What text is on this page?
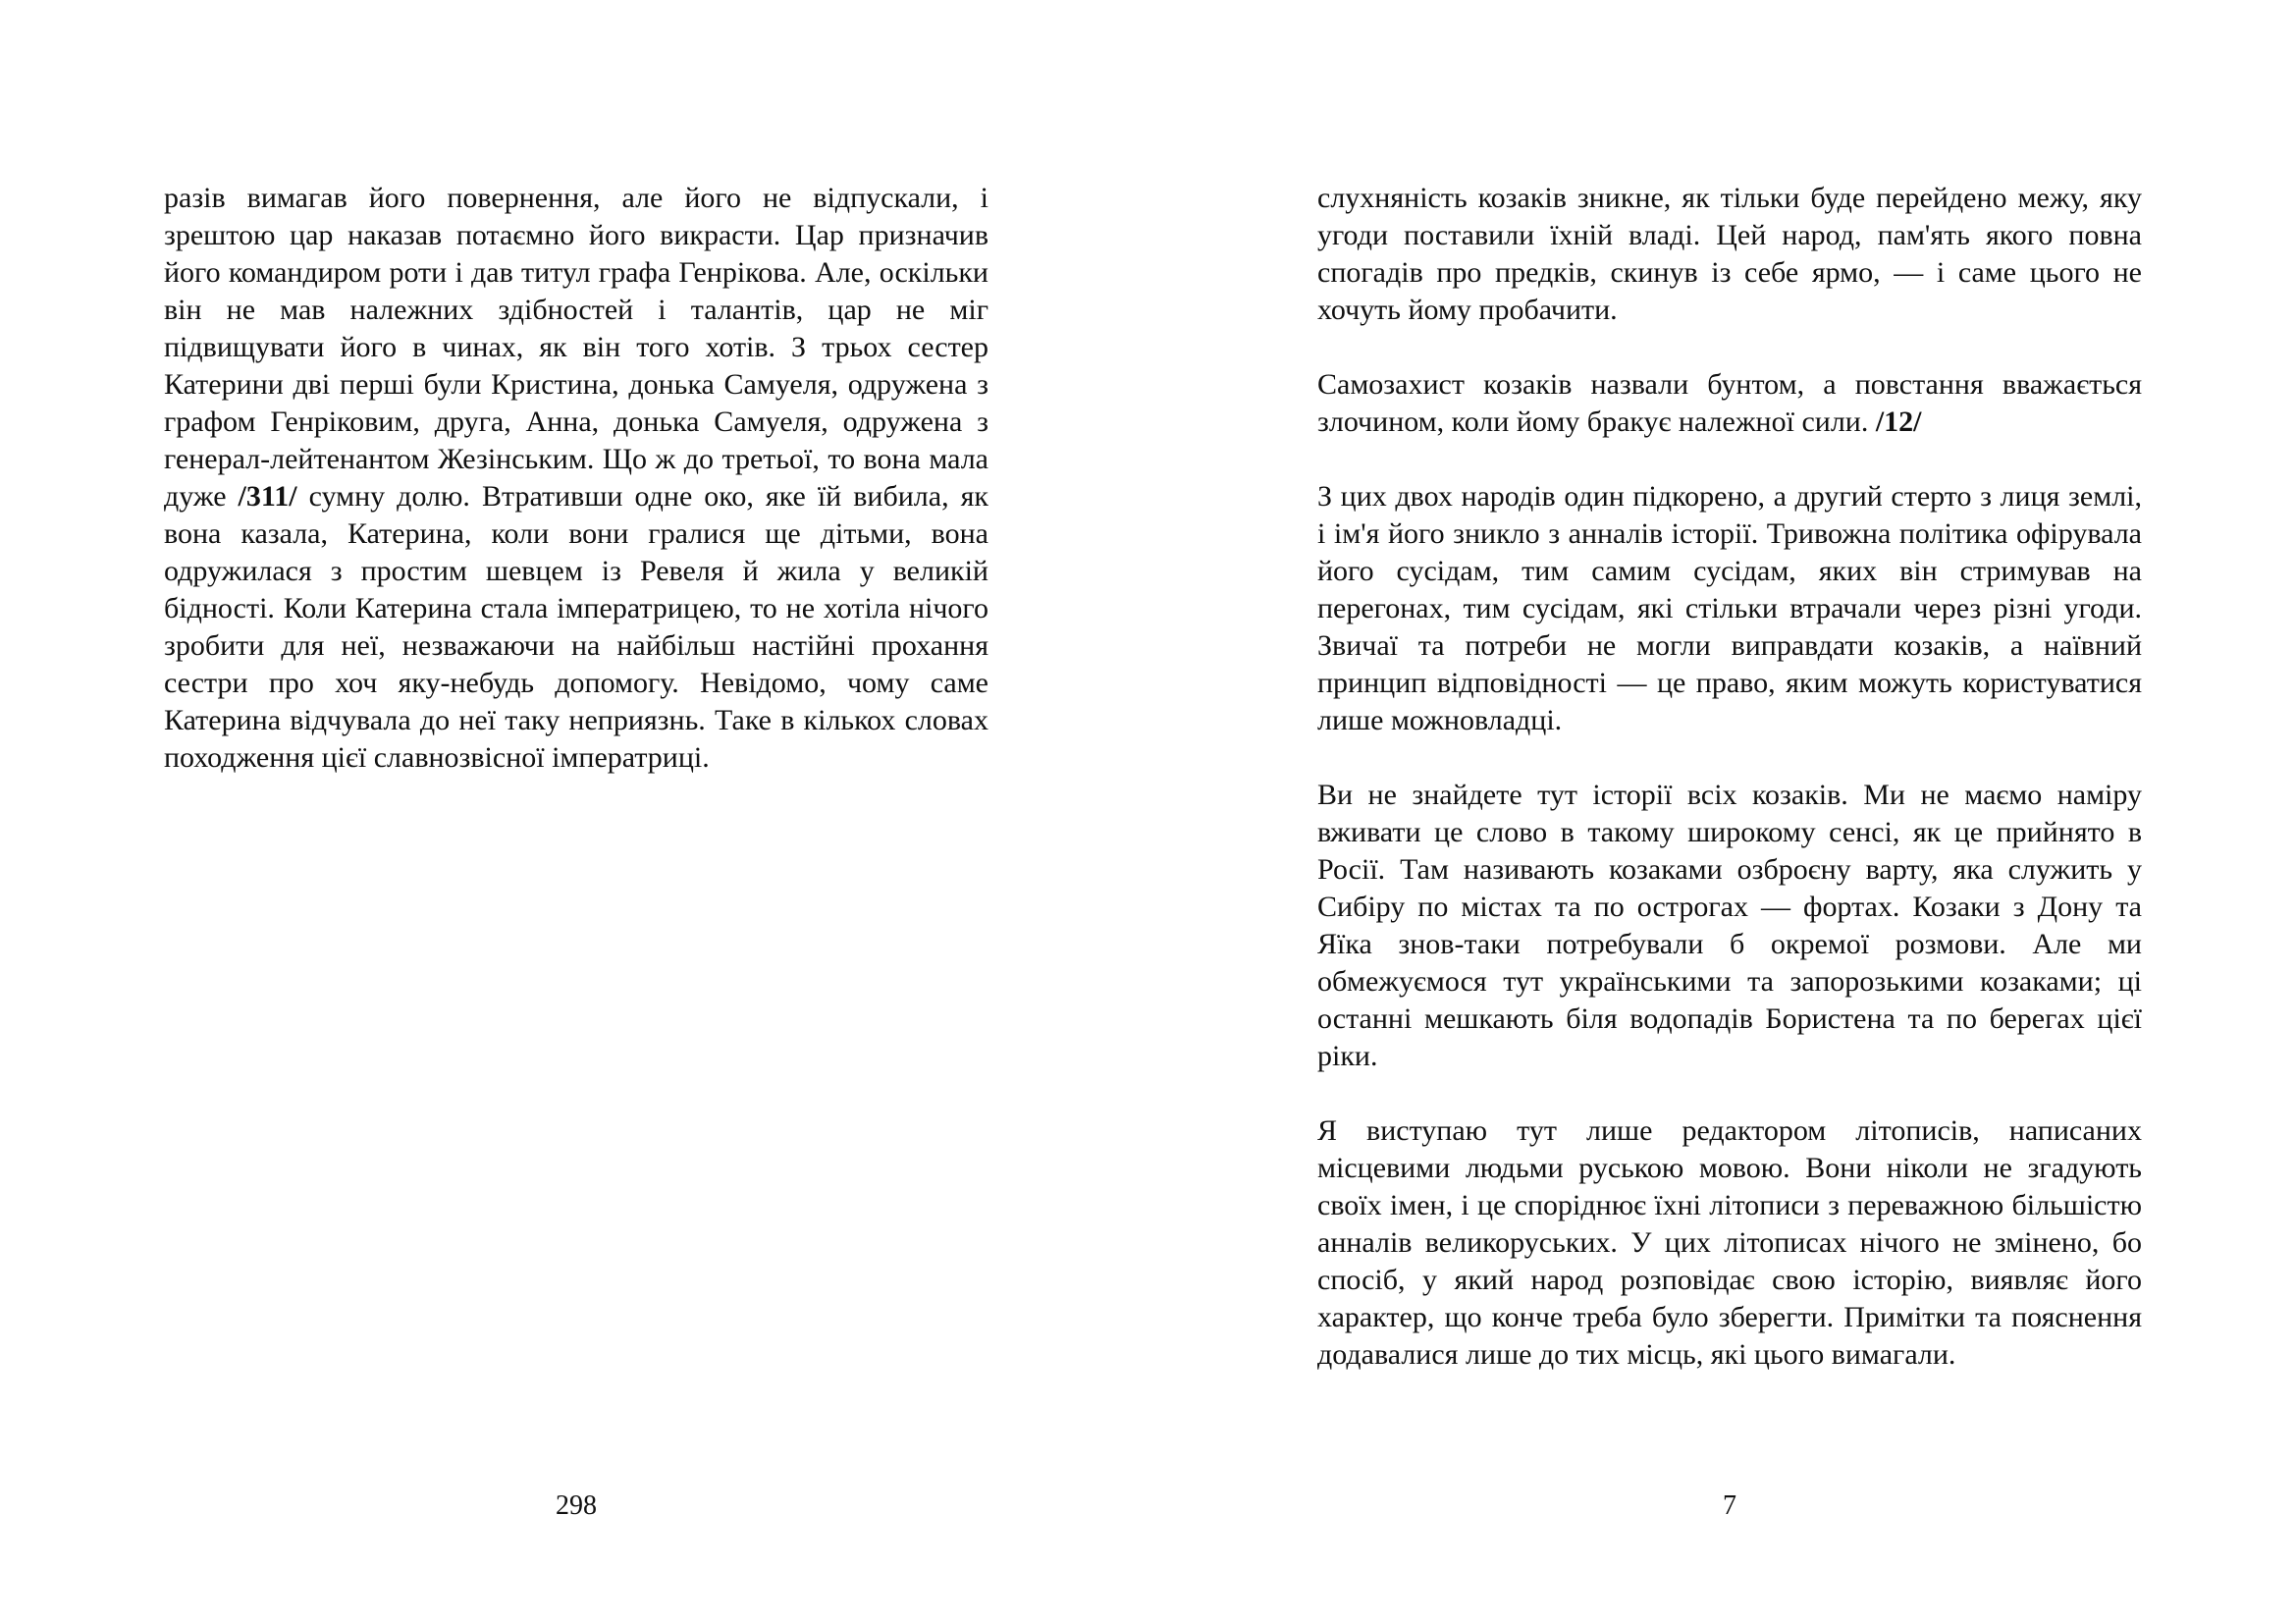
разів вимагав його повернення, але його не відпускали, і зрештою цар наказав потаємно його викрасти. Цар призначив його командиром роти і дав титул графа Генрікова. Але, оскільки він не мав належних здібностей і талантів, цар не міг підвищувати його в чинах, як він того хотів. З трьох сестер Катерини дві перші були Кристина, донька Самуеля, одружена з графом Генріковим, друга, Анна, донька Самуеля, одружена з генерал-лейтенантом Жезінським. Що ж до третьої, то вона мала дуже /311/ сумну долю. Втративши одне око, яке їй вибила, як вона казала, Катерина, коли вони гралися ще дітьми, вона одружилася з простим шевцем із Ревеля й жила у великій бідності. Коли Катерина стала імператрицею, то не хотіла нічого зробити для неї, незважаючи на найбільш настійні прохання сестри про хоч яку-небудь допомогу. Невідомо, чому саме Катерина відчувала до неї таку неприязнь. Таке в кількох словах походження цієї славнозвісної імператриці.

298

слухняність козаків зникне, як тільки буде перейдено межу, яку угоди поставили їхній владі. Цей народ, пам'ять якого повна спогадів про предків, скинув із себе ярмо, — і саме цього не хочуть йому пробачити.

Самозахист козаків назвали бунтом, а повстання вважається злочином, коли йому бракує належної сили. /12/

З цих двох народів один підкорено, а другий стерто з лиця землі, і ім'я його зникло з анналів історії. Тривожна політика офірувала його сусідам, тим самим сусідам, яких він стримував на перегонах, тим сусідам, які стільки втрачали через різні угоди. Звичаї та потреби не могли виправдати козаків, а наївний принцип відповідності — це право, яким можуть користуватися лише можновладці.

Ви не знайдете тут історії всіх козаків. Ми не маємо наміру вживати це слово в такому широкому сенсі, як це прийнято в Росії. Там називають козаками озброєну варту, яка служить у Сибіру по містах та по острогах — фортах. Козаки з Дону та Яїка знов-таки потребували б окремої розмови. Але ми обмежуємося тут українськими та запорозькими козаками; ці останні мешкають біля водопадів Бористена та по берегах цієї ріки.

Я виступаю тут лише редактором літописів, написаних місцевими людьми руською мовою. Вони ніколи не згадують своїх імен, і це споріднює їхні літописи з переважною більшістю анналів великоруських. У цих літописах нічого не змінено, бо спосіб, у який народ розповідає свою історію, виявляє його характер, що конче треба було зберегти. Примітки та пояснення додавалися лише до тих місць, які цього вимагали.

7
